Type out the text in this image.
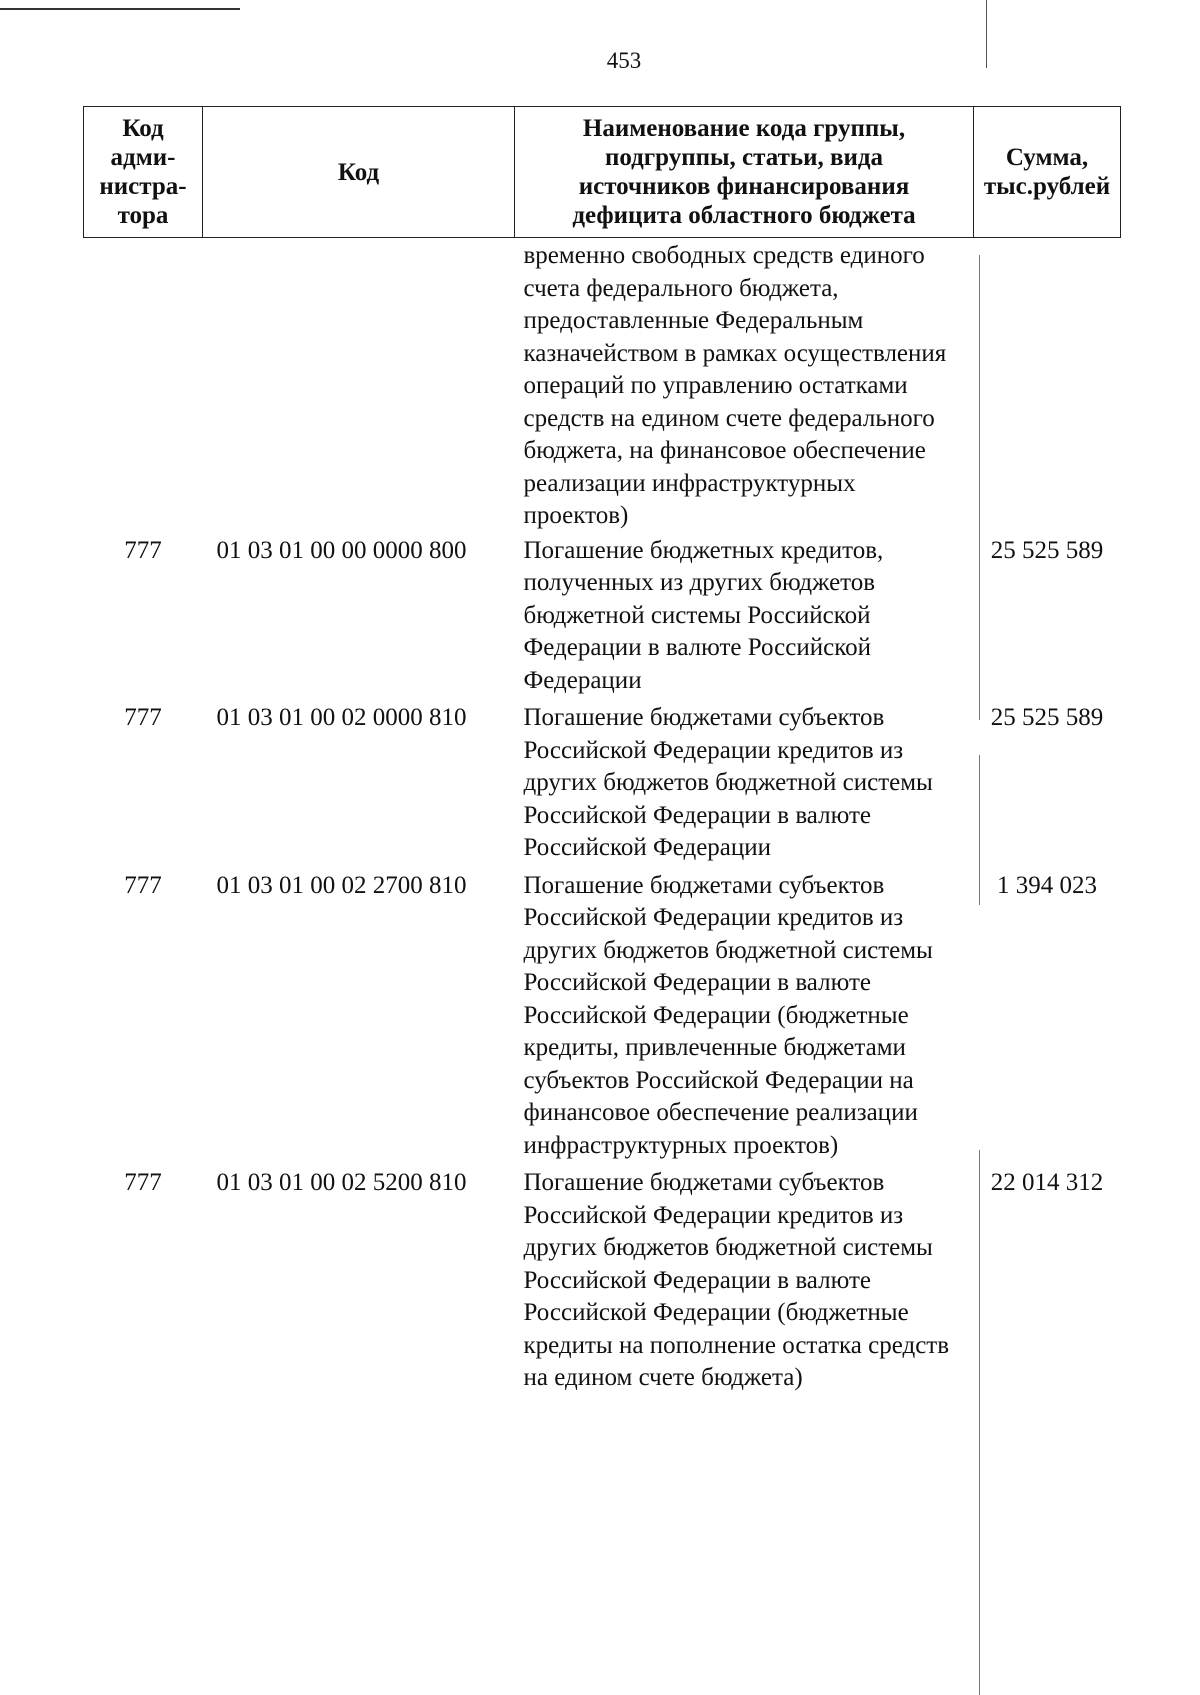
453
Код адми-нистра-тора	Код	Наименование кода группы, подгруппы, статьи, вида источников финансирования дефицита областного бюджета	Сумма, тыс.рублей
		временно свободных средств единого счета федерального бюджета, предоставленные Федеральным казначейством в рамках осуществления операций по управлению остатками средств на едином счете федерального бюджета, на финансовое обеспечение реализации инфраструктурных проектов)	
777	01 03 01 00 00 0000 800	Погашение бюджетных кредитов, полученных из других бюджетов бюджетной системы Российской Федерации в валюте Российской Федерации	25 525 589
777	01 03 01 00 02 0000 810	Погашение бюджетами субъектов Российской Федерации кредитов из других бюджетов бюджетной системы Российской Федерации в валюте Российской Федерации	25 525 589
777	01 03 01 00 02 2700 810	Погашение бюджетами субъектов Российской Федерации кредитов из других бюджетов бюджетной системы Российской Федерации в валюте Российской Федерации (бюджетные кредиты, привлеченные бюджетами субъектов Российской Федерации на финансовое обеспечение реализации инфраструктурных проектов)	1 394 023
777	01 03 01 00 02 5200 810	Погашение бюджетами субъектов Российской Федерации кредитов из других бюджетов бюджетной системы Российской Федерации в валюте Российской Федерации (бюджетные кредиты на пополнение остатка средств на едином счете бюджета)	22 014 312
